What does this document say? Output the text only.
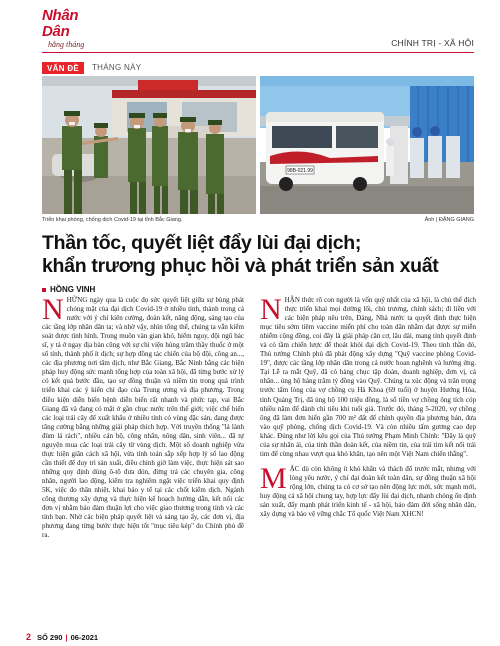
Nhân Dân
hằng tháng	CHÍNH TRỊ - XÃ HỘI
VẤN ĐỀ	THÁNG NÀY
98B-021.99
Triển khai phòng, chống dịch Covid-19 tại tỉnh Bắc Giang.	Ảnh | ĐẶNG GIANG
Thần tốc, quyết liệt đẩy lùi đại dịch;
khẩn trương phục hồi và phát triển sản xuất
HỒNG VINH

NHỮNG ngày qua là cuộc đọ sức quyết liệt giữa sự bùng phát chóng mặt của đại dịch Covid-19 ở nhiều tỉnh, thành trong cả nước với ý chí kiên cường, đoàn kết, năng động, sáng tạo của các tầng lớp nhân dân ta; và nhờ vậy, nhìn tổng thể, chúng ta vẫn kiểm soát được tình hình. Trong muôn vàn gian khó, hiểm nguy, đội ngũ bác sĩ, y tá ở ngay địa bàn cũng với sự chi viện hùng trăm thầy thuốc ở một số tỉnh, thành phố ít dịch; sự hợp đồng tác chiến của bộ đội, công an..., các địa phương nơi tâm dịch, như Bắc Giang, Bắc Ninh bằng các biện pháp huy động sức mạnh tổng hợp của toàn xã hội, đã từng bước xử lý có kết quả bước đầu, tạo sự đồng thuận và niềm tin trong quá trình triển khai các ý kiến chỉ đạo của Trung ương và địa phương. Trong điều kiện diễn biến bệnh diễn biến rất nhanh và phức tạp, vai Bắc Giang đã và đang có mặt ở gần chục nước trên thế giới; việc chế biến các loại trái cây để xuất khẩu ở nhiều tỉnh có vùng đặc sản, đang được tăng cường bằng những giải pháp thích hợp. Với truyền thống "lá lành đùm lá rách", nhiều cán bộ, công nhân, nông dân, sinh viên... đã tự nguyện mua các loại trái cây từ vùng dịch. Một số doanh nghiệp vừa thực hiện giãn cách xã hội, vừa tính toán sắp xếp hợp lý số lao động cần thiết để duy trì sản xuất, điều chỉnh giờ làm việc, thực hiện sát sao những quy định dùng ô-tô đưa đón, đừng trả các chuyên gia, công nhân, người lao động, kiểm tra nghiêm ngặt việc triển khai quy định 5K, việc đo thân nhiệt, khai báo y tế tại các chốt kiểm dịch. Ngành công thương xây dựng và thực hiện kế hoạch hướng dẫn, kết nối các đơn vị nhằm bảo đảm thuận lợi cho việc giao thương trong tỉnh và các tỉnh bạn. Nhờ các biện pháp quyết liệt và sáng tạo ấy, các đơn vị, địa phương đang từng bước thực hiện tốt "mục tiêu kép" do Chính phủ đề ra.

NHẬN thức rõ con người là vốn quý nhất của xã hội, là chủ thể đích thực triển khai mọi đường lối, chủ trương, chính sách; đi liền với các biện pháp nêu trên, Đảng, Nhà nước ta quyết định thực hiện mục tiêu sớm tiêm vaccine miễn phí cho toàn dân nhằm đạt được sự miễn nhiễm cộng đồng, coi đây là giải pháp căn cơ, lâu dài, mang tính quyết định và có tầm chiến lược để thoát khỏi đại dịch Covid-19. Theo tinh thần đó, Thủ tướng Chính phủ đã phát động xây dựng "Quỹ vaccine phòng Covid-19", được các tầng lớp nhân dân trong cả nước hoan nghênh và hưởng ứng. Tại Lễ ra mắt Quỹ, đã có hàng chục tập đoàn, doanh nghiệp, đơn vị, cá nhân... ủng hộ hàng trăm tỷ đồng vào Quỹ. Chúng ta xúc động và trân trọng trước tấm lòng của vợ chồng cụ Hà Khoa (69 tuổi) ở huyện Hướng Hóa, tỉnh Quảng Trị, đã ủng hộ 100 triệu đồng, là số tiền vợ chồng ông tích cóp nhiều năm để dành chi tiêu khi tuổi già. Trước đó, tháng 5-2020, vợ chồng ông đã làm đơn hiến gần 700 m² đất để chính quyền địa phương bán, đưa vào quỹ phòng, chống dịch Covid-19. Và còn nhiều tấm gương cao đẹp khác. Đúng như lời kêu gọi của Thủ tướng Phạm Minh Chính: "Đây là quỹ của sự nhân ái, của tinh thần đoàn kết, của niềm tin, của trái tim kết nối trái tim để cùng nhau vượt qua khó khăn, tạo nên một Việt Nam chiến thắng".

MẶC dù còn không ít khó khăn và thách đố trước mắt, nhưng với lòng yêu nước, ý chí đại đoàn kết toàn dân, sự đồng thuận xã hội rộng lớn, chúng ta có cơ sở tạo nên động lực mới, sức mạnh mới, huy động cả xã hội chung tay, hợp lực đẩy lùi đại dịch, nhanh chóng ổn định sản xuất, đẩy mạnh phát triển kinh tế - xã hội, bảo đảm đời sống nhân dân, xây dựng và bảo vệ vững chắc Tổ quốc Việt Nam XHCN!

2 SỐ 290 | 06-2021
